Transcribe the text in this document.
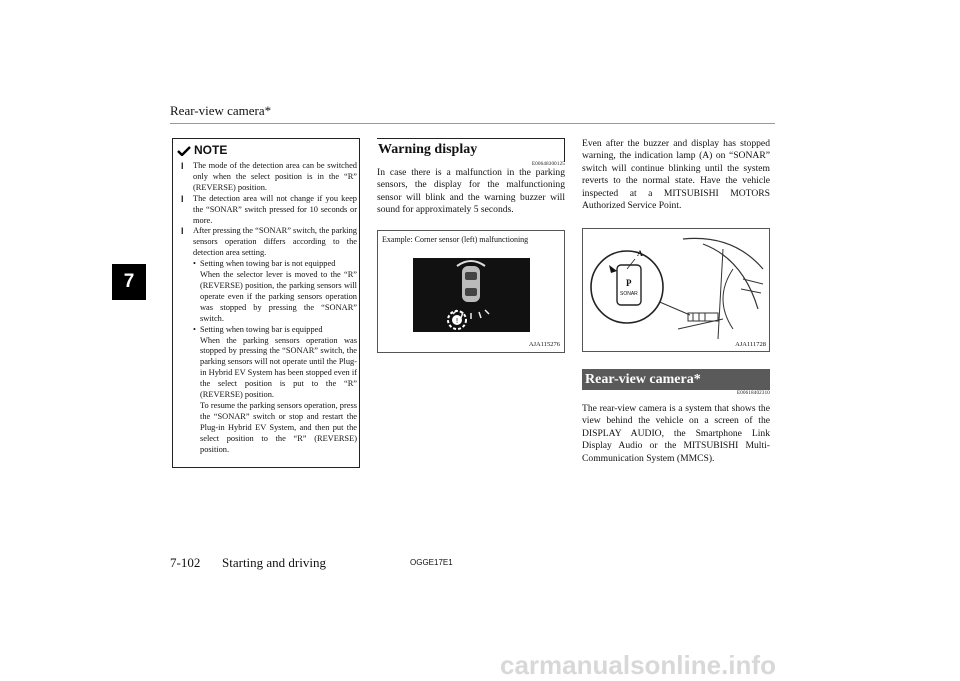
Rear-view camera*
7
NOTE
l The mode of the detection area can be switched only when the select position is in the “R” (REVERSE) position.
l The detection area will not change if you keep the “SONAR” switch pressed for 10 seconds or more.
l After pressing the “SONAR” switch, the parking sensors operation differs according to the detection area setting.
• Setting when towing bar is not equipped
When the selector lever is moved to the “R” (REVERSE) position, the parking sensors will operate even if the parking sensors operation was stopped by pressing the “SONAR” switch.
• Setting when towing bar is equipped
When the parking sensors operation was stopped by pressing the “SONAR” switch, the parking sensors will not operate until the Plug-in Hybrid EV System has been stopped even if the select position is put to the “R” (REVERSE) position.
To resume the parking sensors operation, press the “SONAR” switch or stop and restart the Plug-in Hybrid EV System, and then put the select position to the “R” (REVERSE) position.
Warning display
E00648300125
In case there is a malfunction in the parking sensors, the display for the malfunctioning sensor will blink and the warning buzzer will sound for approximately 5 seconds.
Example: Corner sensor (left) malfunctioning
!
AJA115276
Even after the buzzer and display has stopped warning, the indication lamp (A) on “SONAR” switch will continue blinking until the system reverts to the normal state. Have the vehicle inspected at a MITSUBISHI MOTORS Authorized Service Point.
A
P
SONAR
AJA111728
Rear-view camera*
E00618402310
The rear-view camera is a system that shows the view behind the vehicle on a screen of the DISPLAY AUDIO, the Smartphone Link Display Audio or the MITSUBISHI Multi-Communication System (MMCS).
7-102 Starting and driving	OGGE17E1
carmanualsonline.info
